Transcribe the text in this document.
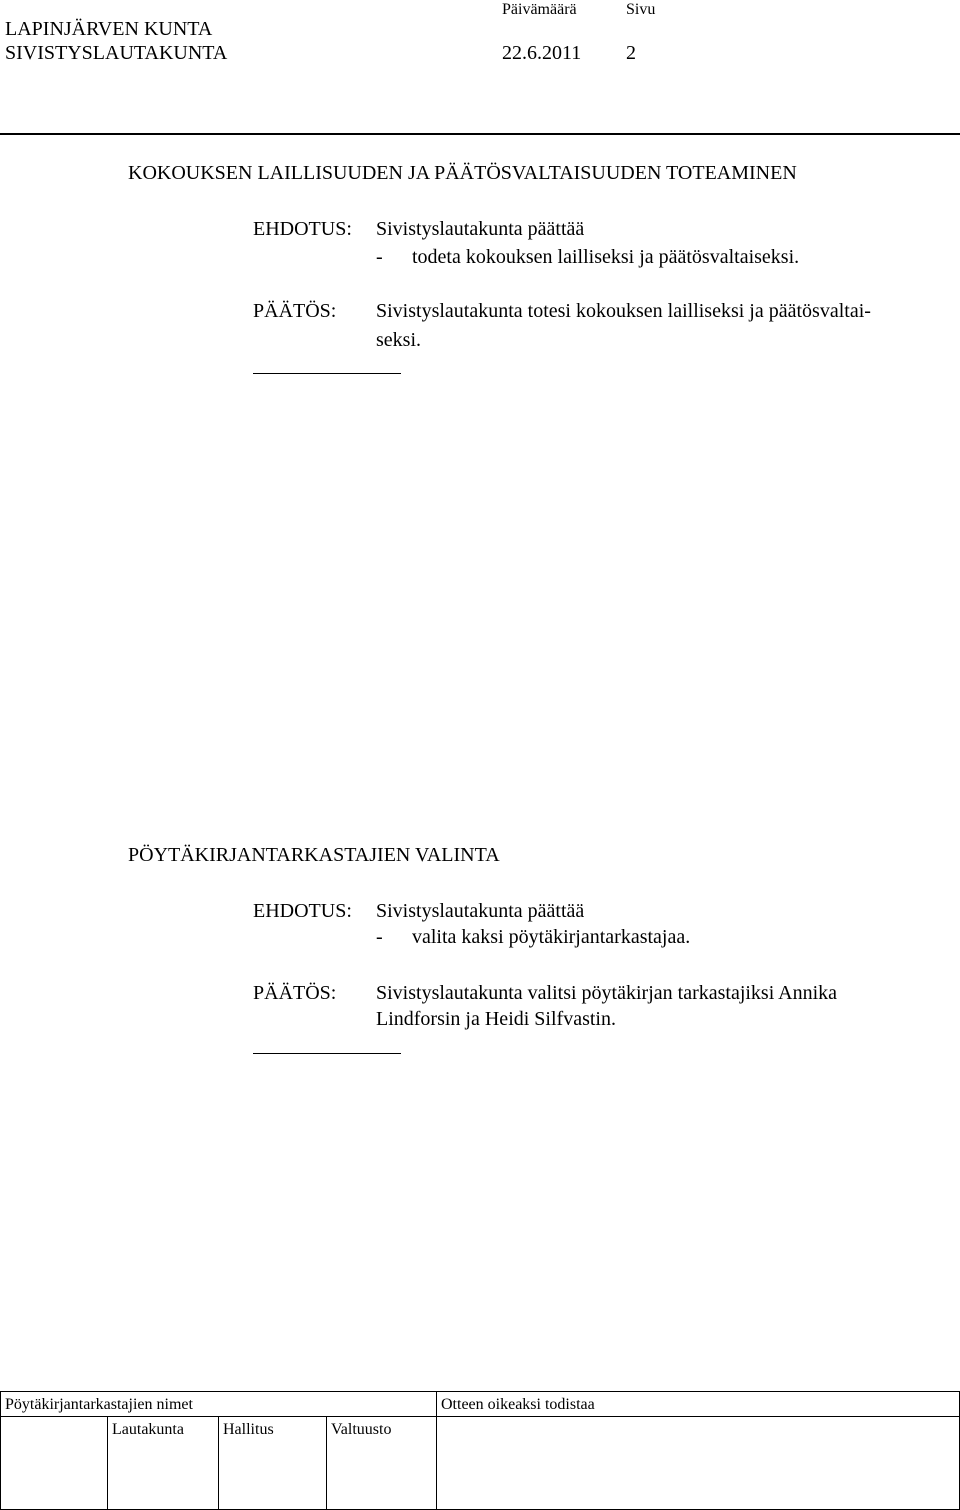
LAPINJÄRVEN KUNTA
SIVISTYSLAUTAKUNTA
Päivämäärä
22.6.2011
Sivu
2
KOKOUKSEN LAILLISUUDEN JA PÄÄTÖSVALTAISUUDEN TOTEAMINEN
EHDOTUS: Sivistyslautakunta päättää
- todeta kokouksen lailliseksi ja päätösvaltaiseksi.
PÄÄTÖS: Sivistyslautakunta totesi kokouksen lailliseksi ja päätösvaltai-
seksi.
PÖYTÄKIRJANTARKASTAJIEN VALINTA
EHDOTUS: Sivistyslautakunta päättää
- valita kaksi pöytäkirjantarkastajaa.
PÄÄTÖS: Sivistyslautakunta valitsi pöytäkirjan tarkastajiksi Annika
Lindforsin ja Heidi Silfvastin.
Pöytäkirjantarkastajien nimet	Otteen oikeaksi todistaa
Lautakunta Hallitus	Valtuusto
